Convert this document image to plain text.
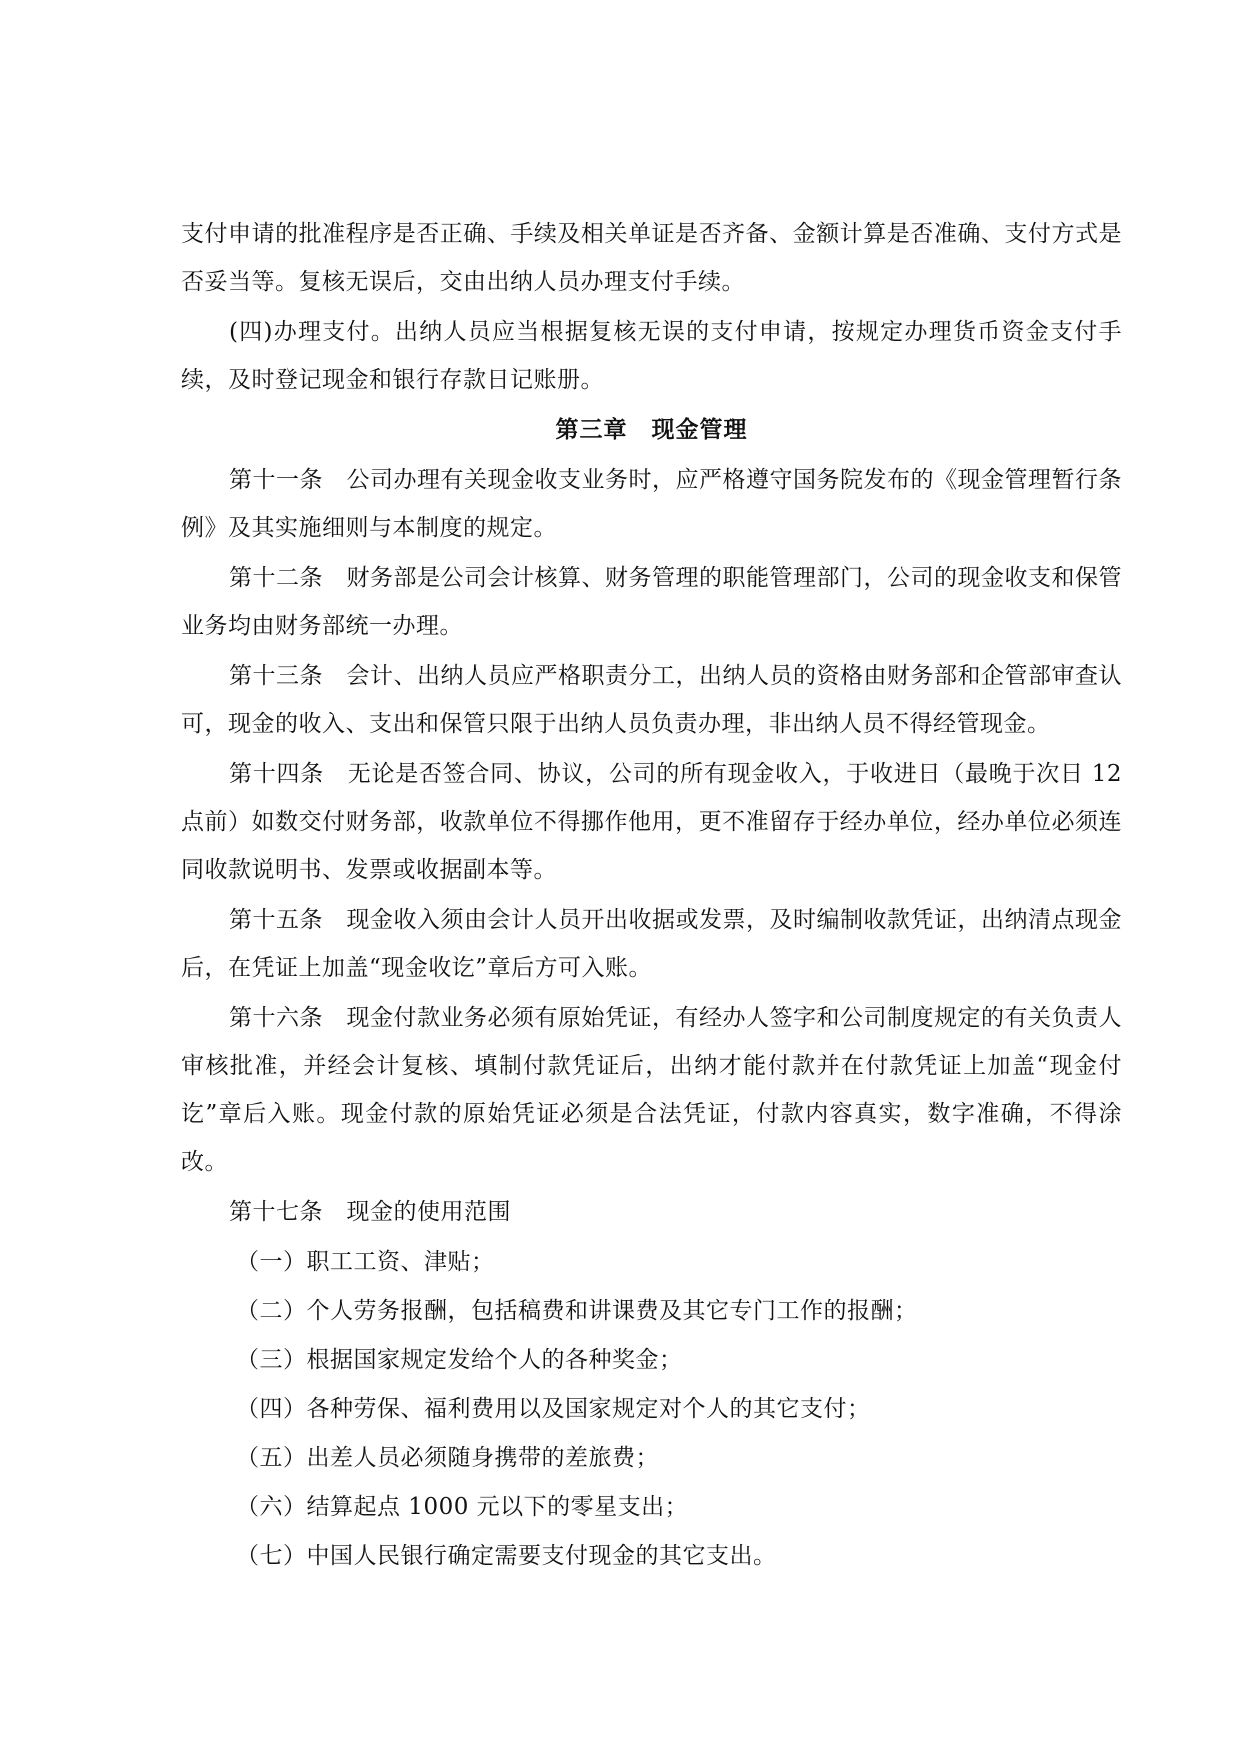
支付申请的批准程序是否正确、手续及相关单证是否齐备、金额计算是否准确、支付方式是否妥当等。复核无误后，交由出纳人员办理支付手续。

(四)办理支付。出纳人员应当根据复核无误的支付申请，按规定办理货币资金支付手续，及时登记现金和银行存款日记账册。

第三章　现金管理

第十一条　公司办理有关现金收支业务时，应严格遵守国务院发布的《现金管理暂行条例》及其实施细则与本制度的规定。

第十二条　财务部是公司会计核算、财务管理的职能管理部门，公司的现金收支和保管业务均由财务部统一办理。

第十三条　会计、出纳人员应严格职责分工，出纳人员的资格由财务部和企管部审查认可，现金的收入、支出和保管只限于出纳人员负责办理，非出纳人员不得经管现金。

第十四条　无论是否签合同、协议，公司的所有现金收入，于收进日（最晚于次日 12 点前）如数交付财务部，收款单位不得挪作他用，更不准留存于经办单位，经办单位必须连同收款说明书、发票或收据副本等。

第十五条　现金收入须由会计人员开出收据或发票，及时编制收款凭证，出纳清点现金后，在凭证上加盖“现金收讫”章后方可入账。

第十六条　现金付款业务必须有原始凭证，有经办人签字和公司制度规定的有关负责人审核批准，并经会计复核、填制付款凭证后，出纳才能付款并在付款凭证上加盖“现金付讫”章后入账。现金付款的原始凭证必须是合法凭证，付款内容真实，数字准确，不得涂改。

第十七条　现金的使用范围

（一）职工工资、津贴；
（二）个人劳务报酬，包括稿费和讲课费及其它专门工作的报酬；
（三）根据国家规定发给个人的各种奖金；
（四）各种劳保、福利费用以及国家规定对个人的其它支付；
（五）出差人员必须随身携带的差旅费；
（六）结算起点 1000 元以下的零星支出；
（七）中国人民银行确定需要支付现金的其它支出。
